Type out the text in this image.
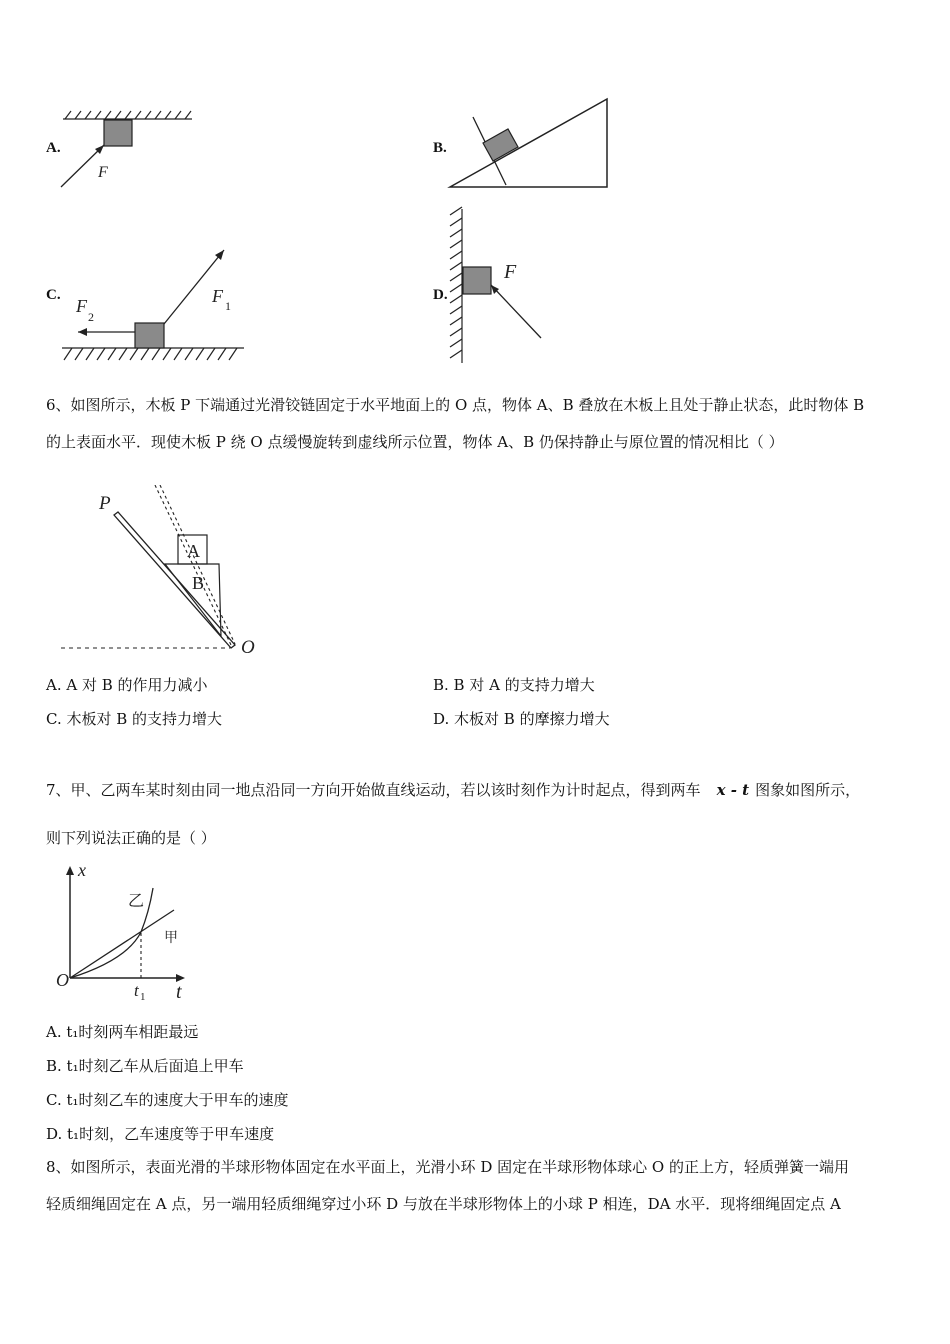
A.
F
B.
C.	F 1
F
2
D.
F
6、如图所示，木板 P 下端通过光滑铰链固定于水平地面上的 O 点，物体 A、B 叠放在木板上且处于静止状态，此时物体 B
的上表面水平．现使木板 P 绕 O 点缓慢旋转到虚线所示位置，物体 A、B 仍保持静止与原位置的情况相比（ ）
P
A
B
O
A. A 对 B 的作用力减小	B. B 对 A 的支持力增大
C. 木板对 B 的支持力增大	D. 木板对 B 的摩擦力增大
7、甲、乙两车某时刻由同一地点沿同一方向开始做直线运动，若以该时刻作为计时起点，得到两车 x - t 图象如图所示，
则下列说法正确的是（ ）
x
t
O
乙
甲
t 1
A. t₁时刻两车相距最远
B. t₁时刻乙车从后面追上甲车
C. t₁时刻乙车的速度大于甲车的速度
D. t₁时刻，乙车速度等于甲车速度
8、如图所示，表面光滑的半球形物体固定在水平面上，光滑小环 D 固定在半球形物体球心 O 的正上方，轻质弹簧一端用
轻质细绳固定在 A 点，另一端用轻质细绳穿过小环 D 与放在半球形物体上的小球 P 相连，DA 水平．现将细绳固定点 A
